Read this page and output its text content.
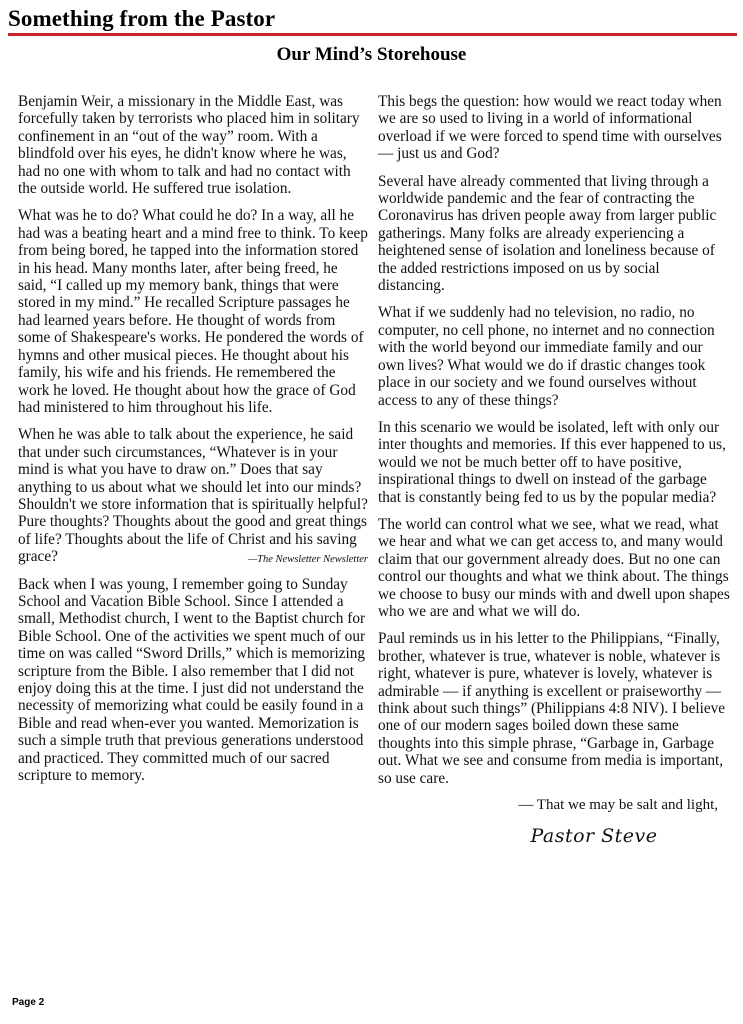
Something from the Pastor
Our Mind’s Storehouse

Benjamin Weir, a missionary in the Middle East, was forcefully taken by terrorists who placed him in solitary confinement in an “out of the way” room. With a blindfold over his eyes, he didn't know where he was, had no one with whom to talk and had no contact with the outside world. He suffered true isolation.

What was he to do? What could he do? In a way, all he had was a beating heart and a mind free to think. To keep from being bored, he tapped into the information stored in his head. Many months later, after being freed, he said, “I called up my memory bank, things that were stored in my mind.” He recalled Scripture passages he had learned years before. He thought of words from some of Shakespeare's works. He pondered the words of hymns and other musical pieces. He thought about his family, his wife and his friends. He remembered the work he loved. He thought about how the grace of God had ministered to him throughout his life.

When he was able to talk about the experience, he said that under such circumstances, “Whatever is in your mind is what you have to draw on.” Does that say anything to us about what we should let into our minds? Shouldn't we store information that is spiritually helpful? Pure thoughts? Thoughts about the good and great things of life? Thoughts about the life of Christ and his saving grace?	—The Newsletter Newsletter

Back when I was young, I remember going to Sunday School and Vacation Bible School. Since I attended a small, Methodist church, I went to the Baptist church for Bible School. One of the activities we spent much of our time on was called “Sword Drills,” which is memorizing scripture from the Bible. I also remember that I did not enjoy doing this at the time. I just did not understand the necessity of memorizing what could be easily found in a Bible and read when-ever you wanted. Memorization is such a simple truth that previous generations understood and practiced. They committed much of our sacred scripture to memory.

This begs the question: how would we react today when we are so used to living in a world of informational overload if we were forced to spend time with ourselves — just us and God?

Several have already commented that living through a worldwide pandemic and the fear of contracting the Coronavirus has driven people away from larger public gatherings. Many folks are already experiencing a heightened sense of isolation and loneliness because of the added restrictions imposed on us by social distancing.

What if we suddenly had no television, no radio, no computer, no cell phone, no internet and no connection with the world beyond our immediate family and our own lives? What would we do if drastic changes took place in our society and we found ourselves without access to any of these things?

In this scenario we would be isolated, left with only our inter thoughts and memories. If this ever happened to us, would we not be much better off to have positive, inspirational things to dwell on instead of the garbage that is constantly being fed to us by the popular media?

The world can control what we see, what we read, what we hear and what we can get access to, and many would claim that our government already does. But no one can control our thoughts and what we think about. The things we choose to busy our minds with and dwell upon shapes who we are and what we will do.

Paul reminds us in his letter to the Philippians, “Finally, brother, whatever is true, whatever is noble, whatever is right, whatever is pure, whatever is lovely, whatever is admirable — if anything is excellent or praiseworthy — think about such things” (Philippians 4:8 NIV). I believe one of our modern sages boiled down these same thoughts into this simple phrase, “Garbage in, Garbage out. What we see and consume from media is important, so use care.

— That we may be salt and light,
Pastor Steve
Page 2
